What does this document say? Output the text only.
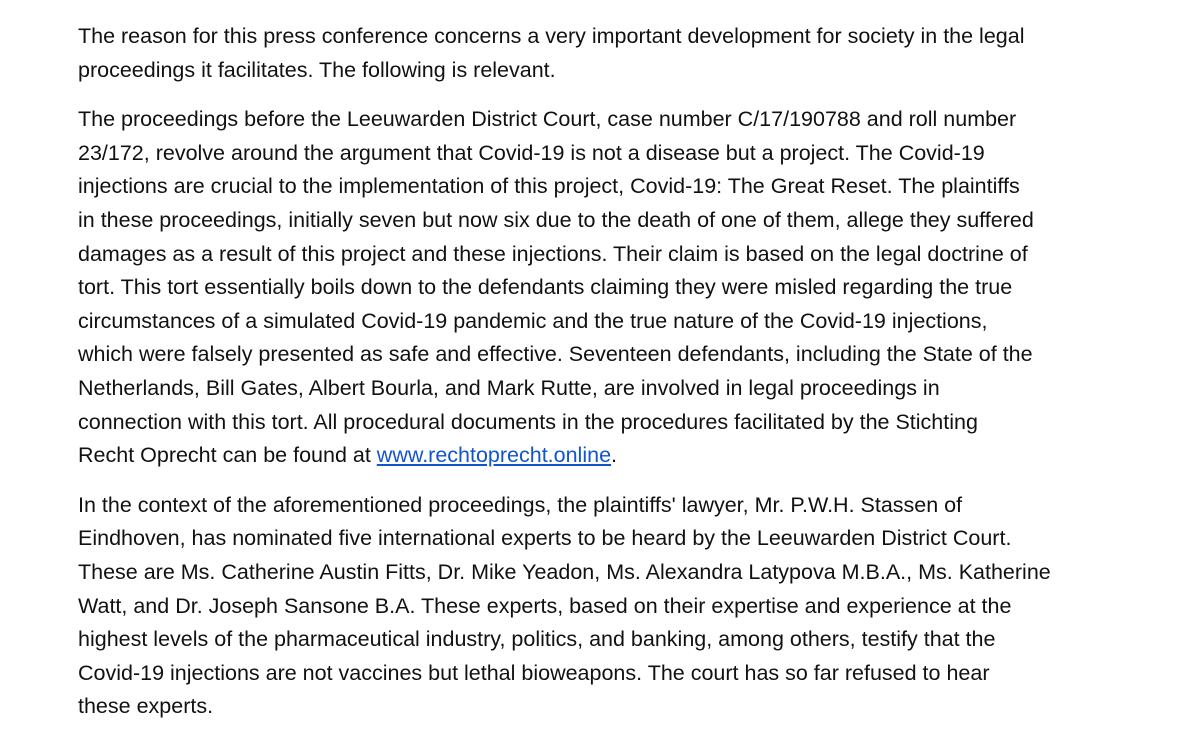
The reason for this press conference concerns a very important development for society in the legal
proceedings it facilitates. The following is relevant.

The proceedings before the Leeuwarden District Court, case number C/17/190788 and roll number
23/172, revolve around the argument that Covid-19 is not a disease but a project. The Covid-19
injections are crucial to the implementation of this project, Covid-19: The Great Reset. The plaintiffs
in these proceedings, initially seven but now six due to the death of one of them, allege they suffered
damages as a result of this project and these injections. Their claim is based on the legal doctrine of
tort. This tort essentially boils down to the defendants claiming they were misled regarding the true
circumstances of a simulated Covid-19 pandemic and the true nature of the Covid-19 injections,
which were falsely presented as safe and effective. Seventeen defendants, including the State of the
Netherlands, Bill Gates, Albert Bourla, and Mark Rutte, are involved in legal proceedings in
connection with this tort. All procedural documents in the procedures facilitated by the Stichting
Recht Oprecht can be found at www.rechtoprecht.online.

In the context of the aforementioned proceedings, the plaintiffs' lawyer, Mr. P.W.H. Stassen of
Eindhoven, has nominated five international experts to be heard by the Leeuwarden District Court.
These are Ms. Catherine Austin Fitts, Dr. Mike Yeadon, Ms. Alexandra Latypova M.B.A., Ms. Katherine
Watt, and Dr. Joseph Sansone B.A. These experts, based on their expertise and experience at the
highest levels of the pharmaceutical industry, politics, and banking, among others, testify that the
Covid-19 injections are not vaccines but lethal bioweapons. The court has so far refused to hear
these experts.
